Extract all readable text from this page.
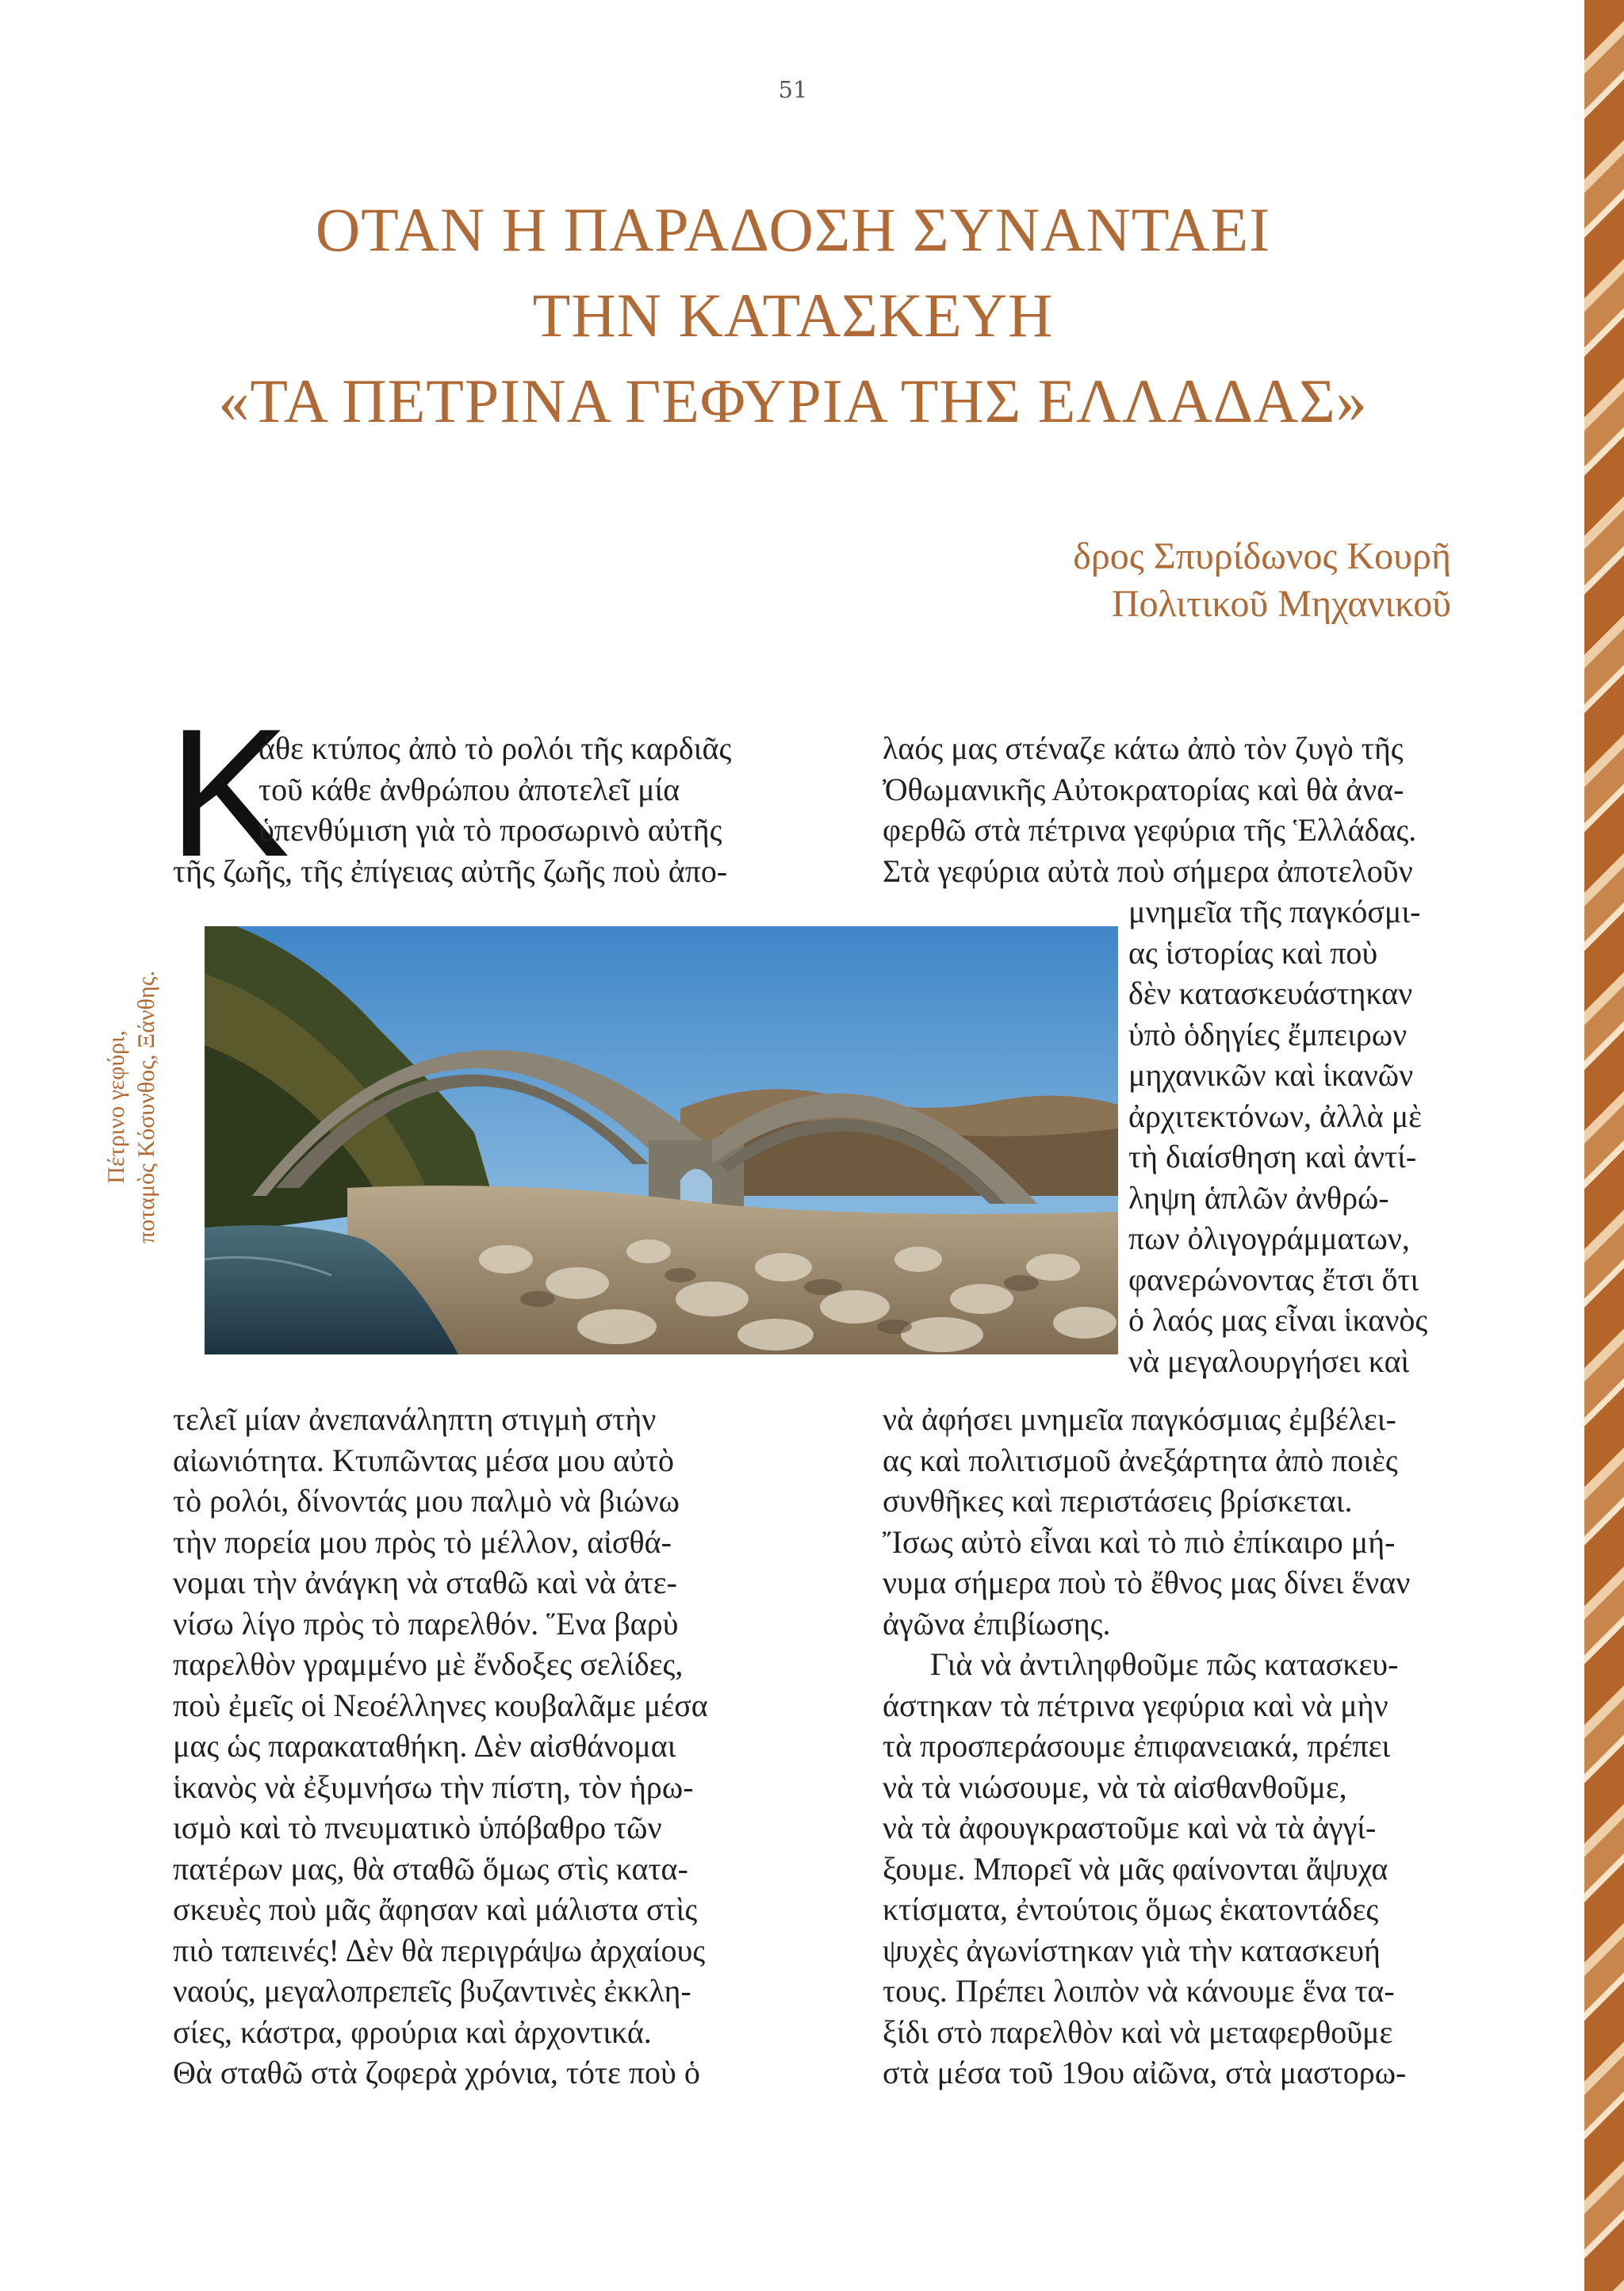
51
ΟΤΑΝ Η ΠΑΡΑΔΟΣΗ ΣΥΝΑΝΤΑΕΙ
ΤΗΝ ΚΑΤΑΣΚΕΥΗ
«ΤΑ ΠΕΤΡΙΝΑ ΓΕΦΥΡΙΑ ΤΗΣ ΕΛΛΑΔΑΣ»
δρος Σπυρίδωνος Κουρῆ
Πολιτικοῦ Μηχανικοῦ
Πέτρινο γεφύρι, ποταμὸς Κόσυνθος, Ξάνθης.
Κ
άθε κτύπος ἀπὸ τὸ ρολόι τῆς καρδιᾶς
τοῦ κάθε ἀνθρώπου ἀποτελεῖ μία
ὑπενθύμιση γιὰ τὸ προσωρινὸ αὐτῆς
τῆς ζωῆς, τῆς ἐπίγειας αὐτῆς ζωῆς ποὺ ἀπο-
τελεῖ μίαν ἀνεπανάληπτη στιγμὴ στὴν
αἰωνιότητα. Κτυπῶντας μέσα μου αὐτὸ
τὸ ρολόι, δίνοντάς μου παλμὸ νὰ βιώνω
τὴν πορεία μου πρὸς τὸ μέλλον, αἰσθά-
νομαι τὴν ἀνάγκη νὰ σταθῶ καὶ νὰ ἀτε-
νίσω λίγο πρὸς τὸ παρελθόν. Ἕνα βαρὺ
παρελθὸν γραμμένο μὲ ἔνδοξες σελίδες,
ποὺ ἐμεῖς οἱ Νεοέλληνες κουβαλᾶμε μέσα
μας ὡς παρακαταθήκη. Δὲν αἰσθάνομαι
ἱκανὸς νὰ ἐξυμνήσω τὴν πίστη, τὸν ἡρω-
ισμὸ καὶ τὸ πνευματικὸ ὑπόβαθρο τῶν
πατέρων μας, θὰ σταθῶ ὅμως στὶς κατα-
σκευὲς ποὺ μᾶς ἄφησαν καὶ μάλιστα στὶς
πιὸ ταπεινές! Δὲν θὰ περιγράψω ἀρχαίους
ναούς, μεγαλοπρεπεῖς βυζαντινὲς ἐκκλη-
σίες, κάστρα, φρούρια καὶ ἀρχοντικά.
Θὰ σταθῶ στὰ ζοφερὰ χρόνια, τότε ποὺ ὁ
λαός μας στέναζε κάτω ἀπὸ τὸν ζυγὸ τῆς
Ὀθωμανικῆς Αὐτοκρατορίας καὶ θὰ ἀνα-
φερθῶ στὰ πέτρινα γεφύρια τῆς Ἑλλάδας.
Στὰ γεφύρια αὐτὰ ποὺ σήμερα ἀποτελοῦν
μνημεῖα τῆς παγκόσμι-
ας ἱστορίας καὶ ποὺ
δὲν κατασκευάστηκαν
ὑπὸ ὁδηγίες ἔμπειρων
μηχανικῶν καὶ ἱκανῶν
ἀρχιτεκτόνων, ἀλλὰ μὲ
τὴ διαίσθηση καὶ ἀντί-
ληψη ἁπλῶν ἀνθρώ-
πων ὀλιγογράμματων,
φανερώνοντας ἔτσι ὅτι
ὁ λαός μας εἶναι ἱκανὸς
νὰ μεγαλουργήσει καὶ
νὰ ἀφήσει μνημεῖα παγκόσμιας ἐμβέλει-
ας καὶ πολιτισμοῦ ἀνεξάρτητα ἀπὸ ποιὲς
συνθῆκες καὶ περιστάσεις βρίσκεται.
Ἴσως αὐτὸ εἶναι καὶ τὸ πιὸ ἐπίκαιρο μή-
νυμα σήμερα ποὺ τὸ ἔθνος μας δίνει ἕναν
ἀγῶνα ἐπιβίωσης.
Γιὰ νὰ ἀντιληφθοῦμε πῶς κατασκευ-
άστηκαν τὰ πέτρινα γεφύρια καὶ νὰ μὴν
τὰ προσπεράσουμε ἐπιφανειακά, πρέπει
νὰ τὰ νιώσουμε, νὰ τὰ αἰσθανθοῦμε,
νὰ τὰ ἀφουγκραστοῦμε καὶ νὰ τὰ ἀγγί-
ξουμε. Μπορεῖ νὰ μᾶς φαίνονται ἄψυχα
κτίσματα, ἐντούτοις ὅμως ἑκατοντάδες
ψυχὲς ἀγωνίστηκαν γιὰ τὴν κατασκευή
τους. Πρέπει λοιπὸν νὰ κάνουμε ἕνα τα-
ξίδι στὸ παρελθὸν καὶ νὰ μεταφερθοῦμε
στὰ μέσα τοῦ 19ου αἰῶνα, στὰ μαστορω-
